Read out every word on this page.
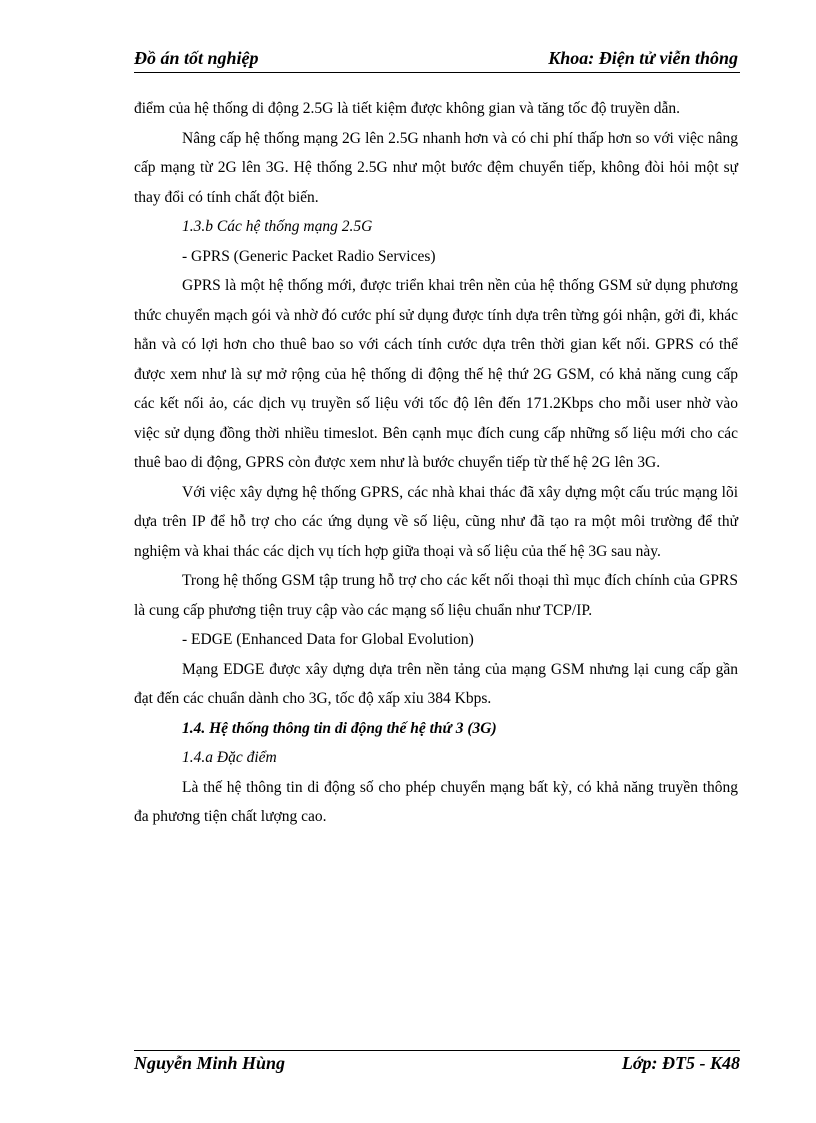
Đồ án tốt nghiệp	Khoa: Điện tử viễn thông

điểm của hệ thống di động 2.5G là tiết kiệm được không gian và tăng tốc độ truyền dẫn.

Nâng cấp hệ thống mạng 2G lên 2.5G nhanh hơn và có chi phí thấp hơn so với việc nâng cấp mạng từ 2G lên 3G. Hệ thống 2.5G như một bước đệm chuyển tiếp, không đòi hỏi một sự thay đổi có tính chất đột biến.

1.3.b Các hệ thống mạng 2.5G

- GPRS (Generic Packet Radio Services)

GPRS là một hệ thống mới, được triển khai trên nền của hệ thống GSM sử dụng phương thức chuyển mạch gói và nhờ đó cước phí sử dụng được tính dựa trên từng gói nhận, gởi đi, khác hẳn và có lợi hơn cho thuê bao so với cách tính cước dựa trên thời gian kết nối. GPRS có thể được xem như là sự mở rộng của hệ thống di động thế hệ thứ 2G GSM, có khả năng cung cấp các kết nối ảo, các dịch vụ truyền số liệu với tốc độ lên đến 171.2Kbps cho mỗi user nhờ vào việc sử dụng đồng thời nhiều timeslot. Bên cạnh mục đích cung cấp những số liệu mới cho các thuê bao di động, GPRS còn được xem như là bước chuyển tiếp từ thế hệ 2G lên 3G.

Với việc xây dựng hệ thống GPRS, các nhà khai thác đã xây dựng một cấu trúc mạng lõi dựa trên IP để hỗ trợ cho các ứng dụng về số liệu, cũng như đã tạo ra một môi trường để thử nghiệm và khai thác các dịch vụ tích hợp giữa thoại và số liệu của thế hệ 3G sau này.

Trong hệ thống GSM tập trung hỗ trợ cho các kết nối thoại thì mục đích chính của GPRS là cung cấp phương tiện truy cập vào các mạng số liệu chuẩn như TCP/IP.

- EDGE (Enhanced Data for Global Evolution)

Mạng EDGE được xây dựng dựa trên nền tảng của mạng GSM nhưng lại cung cấp gần đạt đến các chuẩn dành cho 3G, tốc độ xấp xỉu 384 Kbps.

1.4. Hệ thống thông tin di động thế hệ thứ 3 (3G)

1.4.a Đặc điểm

Là thế hệ thông tin di động số cho phép chuyển mạng bất kỳ, có khả năng truyền thông đa phương tiện chất lượng cao.

Nguyễn Minh Hùng	Lớp: ĐT5 - K48
